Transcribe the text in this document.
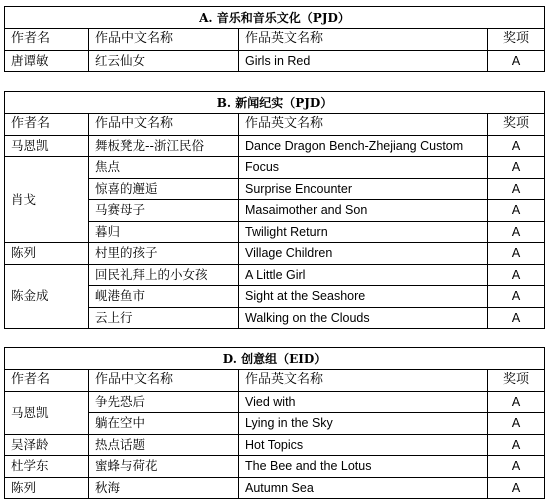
A. 音乐和音乐文化（PJD）			
作者名	作品中文名称	作品英文名称	奖项
唐谭敏	红云仙女	Girls in Red	A
B. 新闻纪实（PJD）			
作者名	作品中文名称	作品英文名称	奖项
马恩凯	舞板凳龙--浙江民俗	Dance Dragon Bench-Zhejiang Custom	A
肖戈	焦点	Focus	A
	惊喜的邂逅	Surprise Encounter	A
	马赛母子	Masaimother and Son	A
	暮归	Twilight Return	A
陈列	村里的孩子	Village Children	A
陈金成	回民礼拜上的小女孩	A Little Girl	A
	岘港鱼市	Sight at the Seashore	A
	云上行	Walking on the Clouds	A
D. 创意组（EID）			
作者名	作品中文名称	作品英文名称	奖项
马恩凯	争先恐后	Vied with	A
	躺在空中	Lying in the Sky	A
吴泽龄	热点话题	Hot Topics	A
杜学东	蜜蜂与荷花	The Bee and the Lotus	A
陈列	秋海	Autumn Sea	A
